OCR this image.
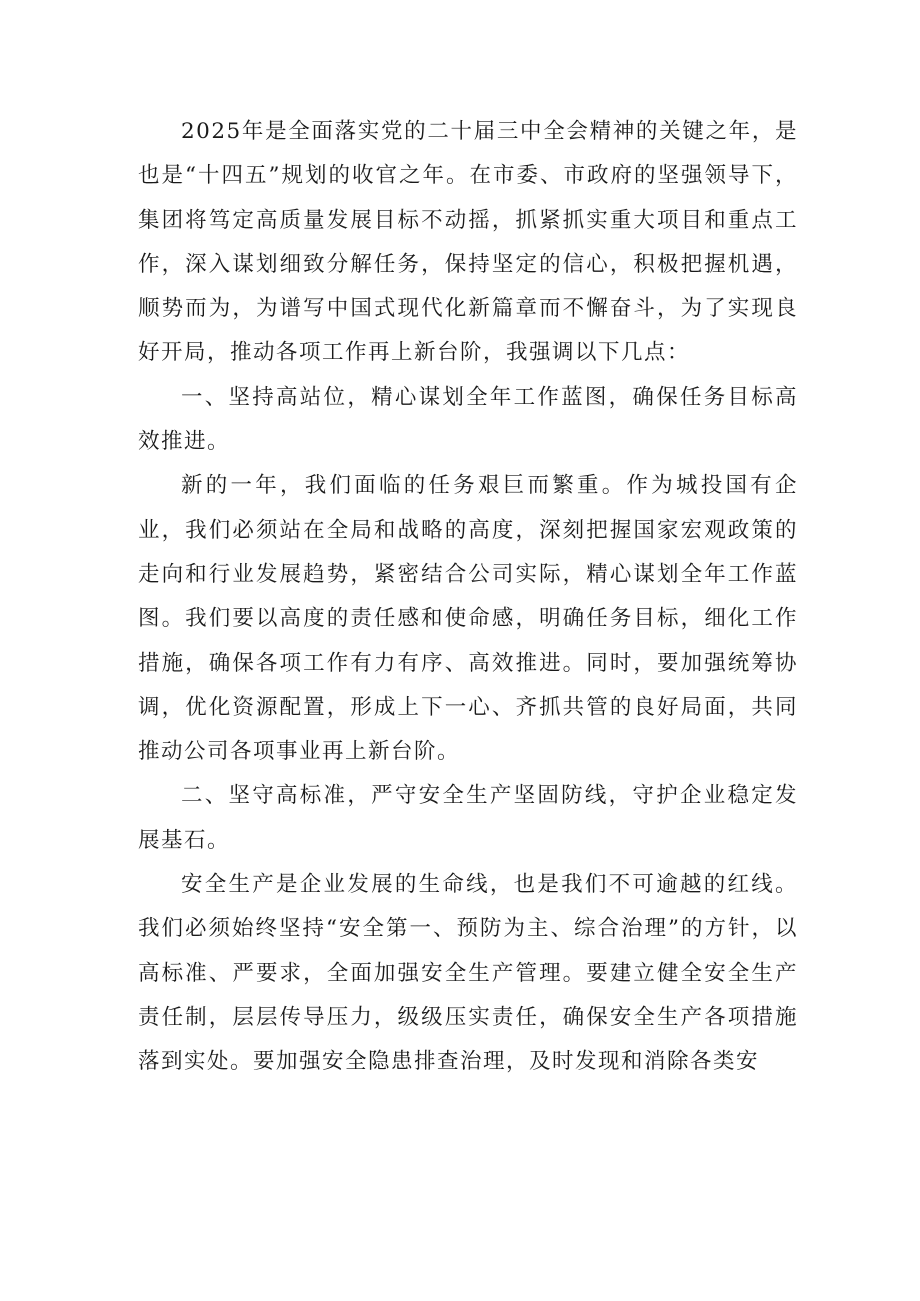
2025年是全面落实党的二十届三中全会精神的关键之年，是也是“十四五”规划的收官之年。在市委、市政府的坚强领导下，集团将笃定高质量发展目标不动摇，抓紧抓实重大项目和重点工作，深入谋划细致分解任务，保持坚定的信心，积极把握机遇，顺势而为，为谱写中国式现代化新篇章而不懈奋斗，为了实现良好开局，推动各项工作再上新台阶，我强调以下几点：

一、坚持高站位，精心谋划全年工作蓝图，确保任务目标高效推进。

新的一年，我们面临的任务艰巨而繁重。作为城投国有企业，我们必须站在全局和战略的高度，深刻把握国家宏观政策的走向和行业发展趋势，紧密结合公司实际，精心谋划全年工作蓝图。我们要以高度的责任感和使命感，明确任务目标，细化工作措施，确保各项工作有力有序、高效推进。同时，要加强统筹协调，优化资源配置，形成上下一心、齐抓共管的良好局面，共同推动公司各项事业再上新台阶。

二、坚守高标准，严守安全生产坚固防线，守护企业稳定发展基石。

安全生产是企业发展的生命线，也是我们不可逾越的红线。我们必须始终坚持“安全第一、预防为主、综合治理”的方针，以高标准、严要求，全面加强安全生产管理。要建立健全安全生产责任制，层层传导压力，级级压实责任，确保安全生产各项措施落到实处。要加强安全隐患排查治理，及时发现和消除各类安
